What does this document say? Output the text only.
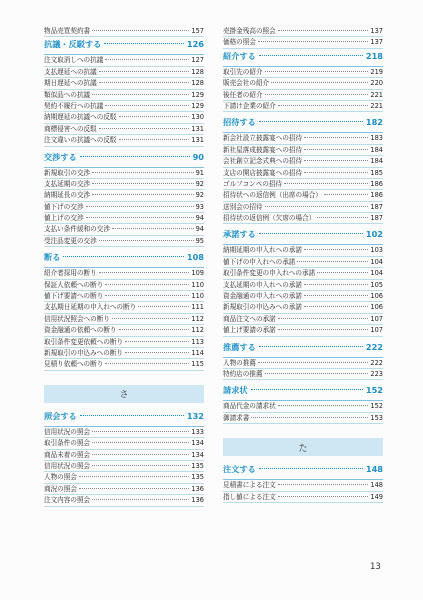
物品売買契約書	157
抗議・反駁する	126
注文取消しへの抗議	127
支払遅延への抗議	128
期日遅延への抗議	128
類似品への抗議	129
契約不履行への抗議	129
納期遅延の抗議への反駁	130
商標侵害への反駁	131
注文違いの抗議への反駁	131
交渉する	90
新規取引の交渉	91
支払延期の交渉	92
納期延長の交渉	92
値下げの交渉	93
値上げの交渉	94
支払い条件緩和の交渉	94
受注品変更の交渉	95
断る	108
紹介者採用の断り	109
保証人依頼への断り	110
値下げ要請への断り	110
支払期日延期の申入れへの断り	111
信用状況照会への断り	112
資金融通の依頼への断り	112
取引条件変更依頼への断り	113
新規取引の申込みへの断り	114
見積り依頼への断り	115
さ
照会する	132
信用状況の照会	133
取引条件の照会	134
商品未着の照会	134
信用状況の照会	135
人物の照会	135
商況の照会	136
注文内容の照会	136
売掛金残高の照会	137
価格の照会	137
紹介する	218
取引先の紹介	219
販売会社の紹介	220
後任者の紹介	221
下請け企業の紹介	221
招待する	182
新会社設立披露宴への招待	183
新社屋落成披露宴への招待	184
会社創立記念式典への招待	184
支店の開店披露宴への招待	185
ゴルフコンペの招待	186
招待状への返信例（出席の場合）	186
送別会の招待	187
招待状の返信例（欠席の場合）	187
承諾する	102
納期延期の申入れへの承諾	103
値下げの申入れへの承諾	104
取引条件変更の申入れへの承諾	104
支払延期の申入れへの承諾	105
資金融通の申入れへの承諾	106
新規取引の申込みへの承諾	106
商品注文への承諾	107
値上げ要請の承諾	107
推薦する	222
人物の推薦	222
特約店の推薦	223
請求状	152
商品代金の請求状	152
御請求書	153
た
注文する	148
見積書による注文	148
指し値による注文	149
13
